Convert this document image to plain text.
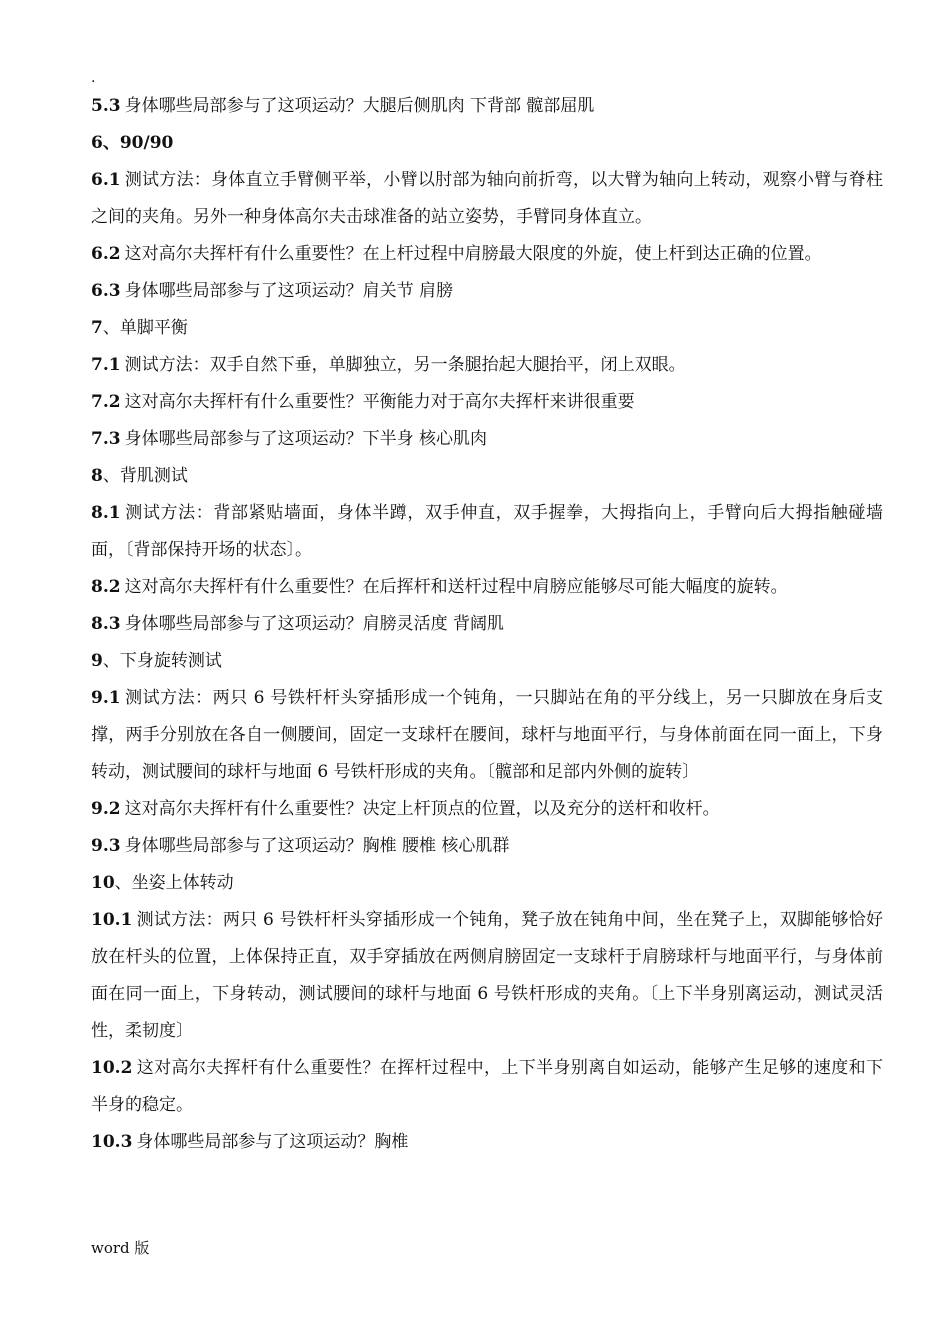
.

5.3 身体哪些局部参与了这项运动？大腿后侧肌肉 下背部 髋部屈肌

6、90/90

6.1 测试方法：身体直立手臂侧平举，小臂以肘部为轴向前折弯，以大臂为轴向上转动，观察小臂与脊柱之间的夹角。另外一种身体高尔夫击球准备的站立姿势，手臂同身体直立。

6.2 这对高尔夫挥杆有什么重要性？在上杆过程中肩膀最大限度的外旋，使上杆到达正确的位置。

6.3 身体哪些局部参与了这项运动？肩关节 肩膀

7、单脚平衡

7.1 测试方法：双手自然下垂，单脚独立，另一条腿抬起大腿抬平，闭上双眼。

7.2 这对高尔夫挥杆有什么重要性？平衡能力对于高尔夫挥杆来讲很重要

7.3 身体哪些局部参与了这项运动？下半身 核心肌肉

8、背肌测试

8.1 测试方法：背部紧贴墙面，身体半蹲，双手伸直，双手握拳，大拇指向上，手臂向后大拇指触碰墙面，〔背部保持开场的状态〕。

8.2 这对高尔夫挥杆有什么重要性？在后挥杆和送杆过程中肩膀应能够尽可能大幅度的旋转。

8.3 身体哪些局部参与了这项运动？肩膀灵活度 背阔肌

9、下身旋转测试

9.1 测试方法：两只 6 号铁杆杆头穿插形成一个钝角，一只脚站在角的平分线上，另一只脚放在身后支撑，两手分别放在各自一侧腰间，固定一支球杆在腰间，球杆与地面平行，与身体前面在同一面上，下身转动，测试腰间的球杆与地面 6 号铁杆形成的夹角。〔髋部和足部内外侧的旋转〕

9.2 这对高尔夫挥杆有什么重要性？决定上杆顶点的位置，以及充分的送杆和收杆。

9.3 身体哪些局部参与了这项运动？胸椎 腰椎 核心肌群

10、坐姿上体转动

10.1 测试方法：两只 6 号铁杆杆头穿插形成一个钝角，凳子放在钝角中间，坐在凳子上，双脚能够恰好放在杆头的位置，上体保持正直，双手穿插放在两侧肩膀固定一支球杆于肩膀球杆与地面平行，与身体前面在同一面上，下身转动，测试腰间的球杆与地面 6 号铁杆形成的夹角。〔上下半身别离运动，测试灵活性，柔韧度〕

10.2 这对高尔夫挥杆有什么重要性？在挥杆过程中，上下半身别离自如运动，能够产生足够的速度和下半身的稳定。

10.3 身体哪些局部参与了这项运动？胸椎

word 版
